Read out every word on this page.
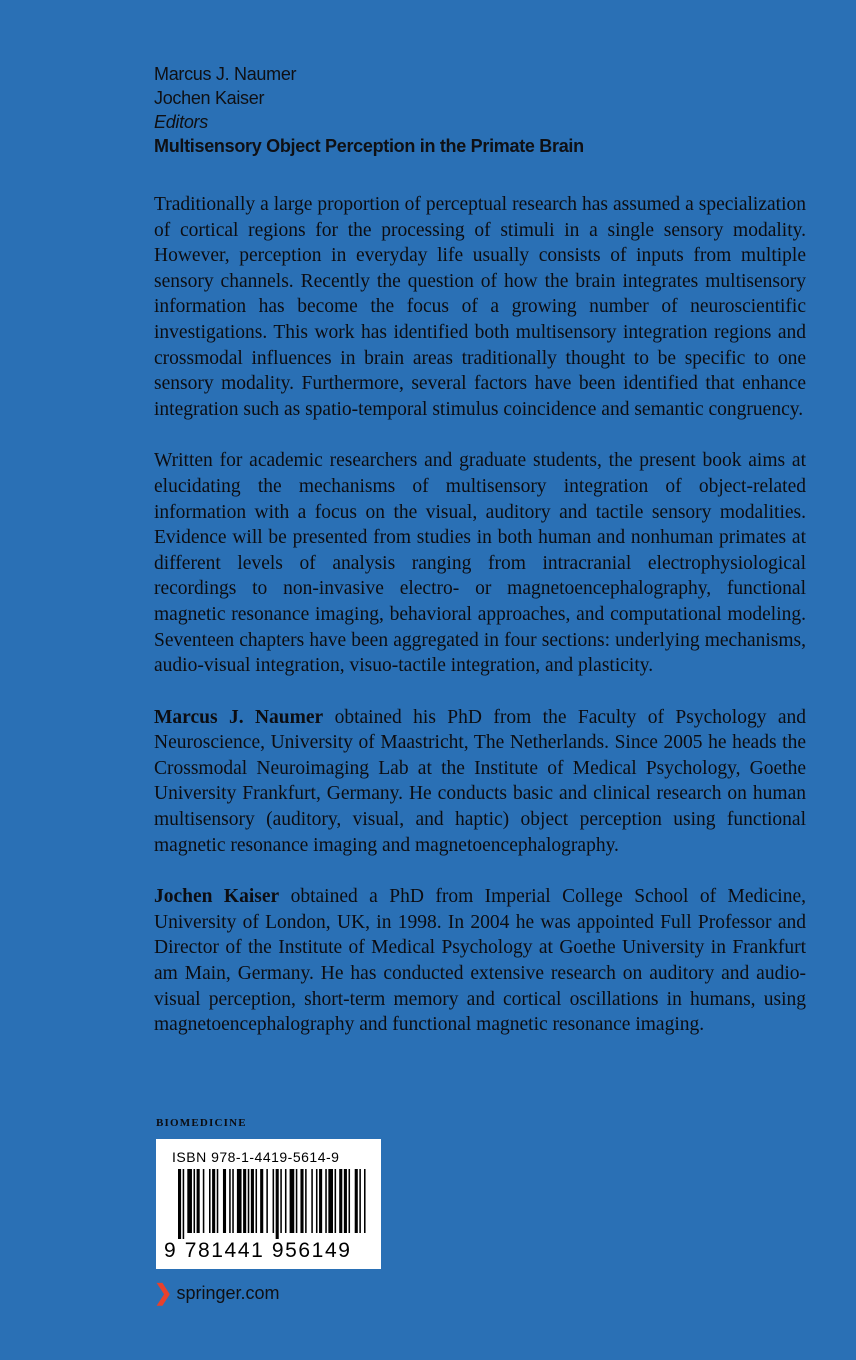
Marcus J. Naumer
Jochen Kaiser
Editors
Multisensory Object Perception in the Primate Brain

Traditionally a large proportion of perceptual research has assumed a specialization of cortical regions for the processing of stimuli in a single sensory modality. However, perception in everyday life usually consists of inputs from multiple sensory channels. Recently the question of how the brain integrates multisensory information has become the focus of a growing number of neuroscientific investigations. This work has identified both multisensory integration regions and crossmodal influences in brain areas traditionally thought to be specific to one sensory modality. Furthermore, several factors have been identified that enhance integration such as spatio-temporal stimulus coincidence and semantic congruency.

Written for academic researchers and graduate students, the present book aims at elucidating the mechanisms of multisensory integration of object-related information with a focus on the visual, auditory and tactile sensory modalities. Evidence will be presented from studies in both human and nonhuman primates at different levels of analysis ranging from intracranial electrophysiological recordings to non-invasive electro- or magnetoencephalography, functional magnetic resonance imaging, behavioral approaches, and computational modeling. Seventeen chapters have been aggregated in four sections: underlying mechanisms, audio-visual integration, visuo-tactile integration, and plasticity.

Marcus J. Naumer obtained his PhD from the Faculty of Psychology and Neuroscience, University of Maastricht, The Netherlands. Since 2005 he heads the Crossmodal Neuroimaging Lab at the Institute of Medical Psychology, Goethe University Frankfurt, Germany. He conducts basic and clinical research on human multisensory (auditory, visual, and haptic) object perception using functional magnetic resonance imaging and magnetoencephalography.

Jochen Kaiser obtained a PhD from Imperial College School of Medicine, University of London, UK, in 1998. In 2004 he was appointed Full Professor and Director of the Institute of Medical Psychology at Goethe University in Frankfurt am Main, Germany. He has conducted extensive research on auditory and audio-visual perception, short-term memory and cortical oscillations in humans, using magnetoencephalography and functional magnetic resonance imaging.

BIOMEDICINE
ISBN 978-1-4419-5614-9
9 781441 956149
❯ springer.com
